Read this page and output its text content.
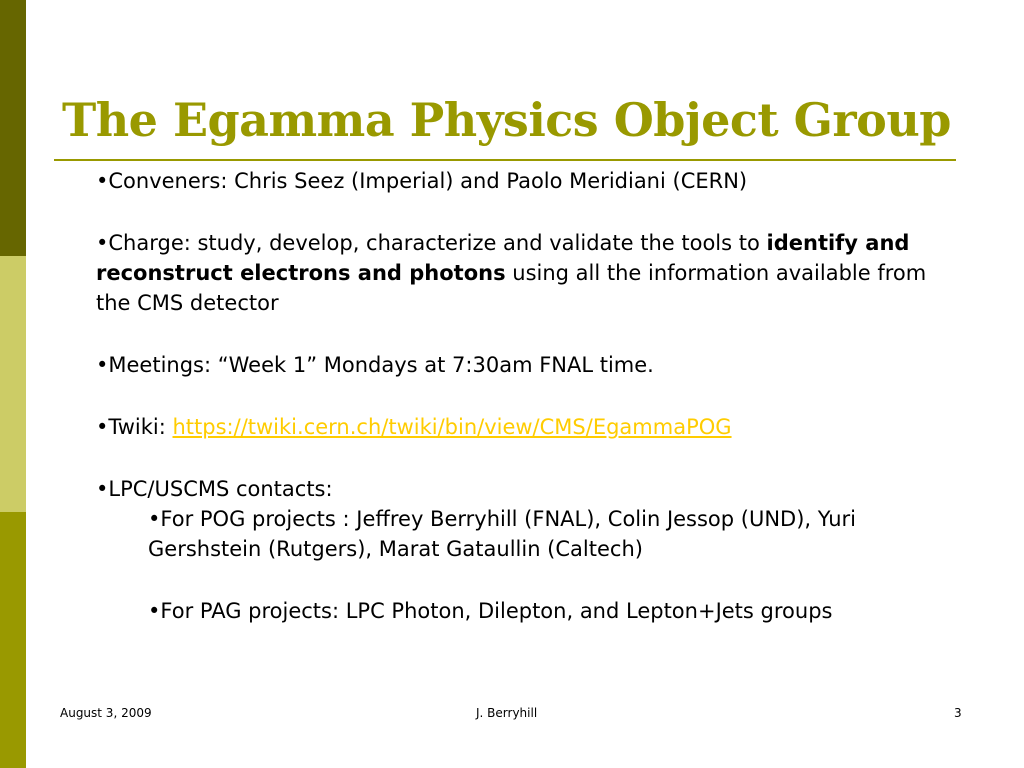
The Egamma Physics Object Group

•Conveners: Chris Seez (Imperial) and Paolo Meridiani (CERN)

•Charge: study, develop, characterize and validate the tools to identify and reconstruct electrons and photons using all the information available from the CMS detector

•Meetings: “Week 1” Mondays at 7:30am FNAL time.

•Twiki: https://twiki.cern.ch/twiki/bin/view/CMS/EgammaPOG

•LPC/USCMS contacts:

•For POG projects : Jeffrey Berryhill (FNAL), Colin Jessop (UND), Yuri Gershstein (Rutgers), Marat Gataullin (Caltech)

•For PAG projects: LPC Photon, Dilepton, and Lepton+Jets groups

August 3, 2009	J. Berryhill	3
